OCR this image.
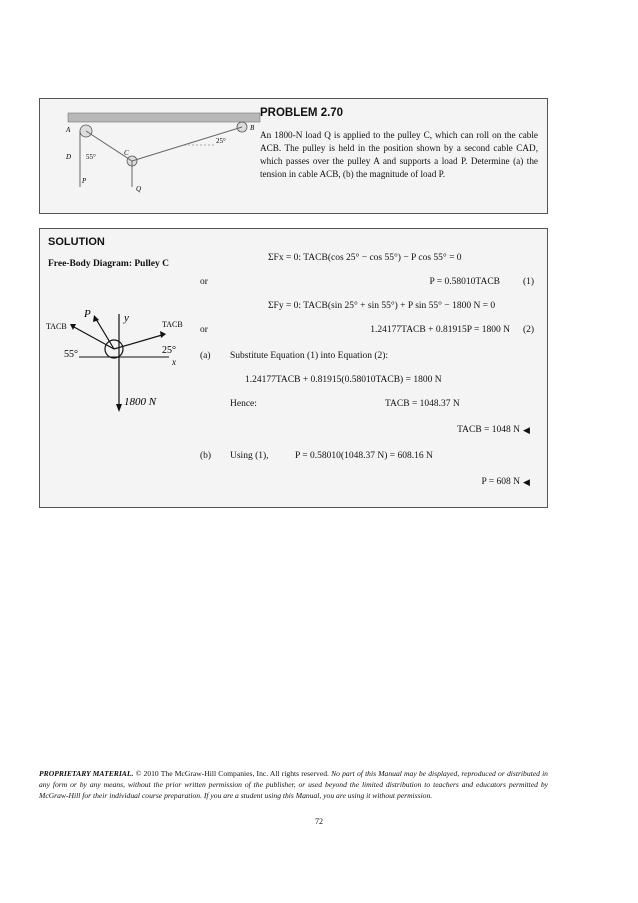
A	B
C
D
P
Q
55°
25°
PROBLEM 2.70
An 1800-N load Q is applied to the pulley C, which can roll on the cable ACB. The pulley is held in the position shown by a second cable CAD, which passes over the pulley A and supports a load P. Determine (a) the tension in cable ACB, (b) the magnitude of load P.
SOLUTION
Free-Body Diagram: Pulley C
P	y
TACB	TACB
55°	25°
x
1800 N
ΣFx = 0: TACB(cos 25° − cos 55°) − P cos 55° = 0
or	P = 0.58010TACB (1)
ΣFy = 0: TACB(sin 25° + sin 55°) + P sin 55° − 1800 N = 0
or	1.24177TACB + 0.81915P = 1800 N (2)
(a) Substitute Equation (1) into Equation (2):
1.24177TACB + 0.81915(0.58010TACB) = 1800 N
Hence:	TACB = 1048.37 N
TACB = 1048 N ◀
(b) Using (1),	P = 0.58010(1048.37 N) = 608.16 N
P = 608 N ◀
PROPRIETARY MATERIAL. © 2010 The McGraw-Hill Companies, Inc. All rights reserved. No part of this Manual may be displayed, reproduced or distributed in any form or by any means, without the prior written permission of the publisher, or used beyond the limited distribution to teachers and educators permitted by McGraw-Hill for their individual course preparation. If you are a student using this Manual, you are using it without permission.
72
